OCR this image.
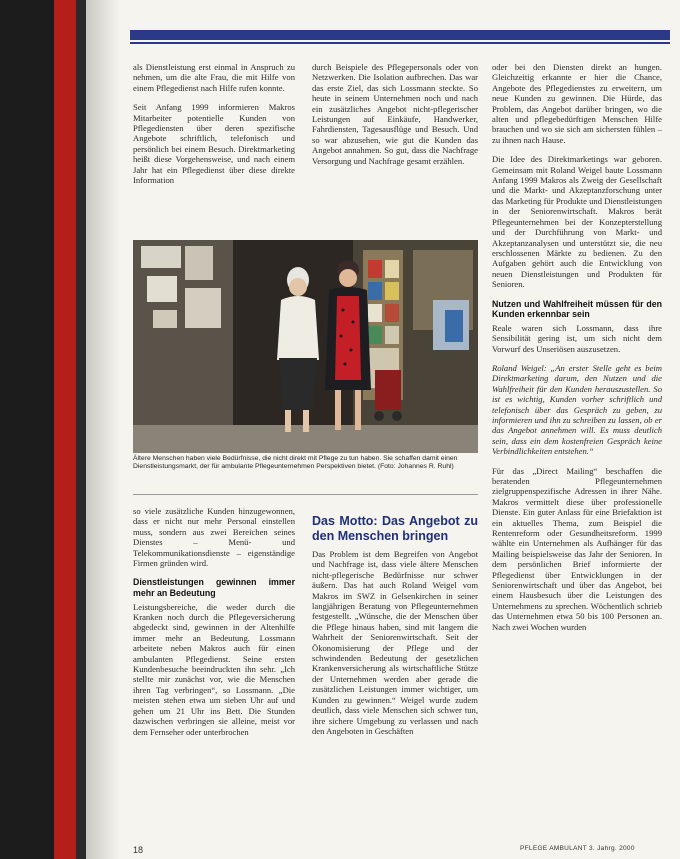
als Dienstleistung erst einmal in Anspruch zu nehmen, um die alte Frau, die mit Hilfe von einem Pflegedienst nach Hilfe rufen konnte.

Seit Anfang 1999 informieren Makros Mitarbeiter potentielle Kunden von Pflegediensten über deren spezifische Angebote schriftlich, telefonisch und persönlich bei einem Besuch. Direktmarketing heißt diese Vorgehensweise, und nach einem Jahr hat ein Pflegedienst über diese direkte Information

durch Beispiele des Pflegepersonals oder von Netzwerken. Die Isolation aufbrechen. Das war das erste Ziel, das sich Lossmann steckte. So heute in seinem Unternehmen noch und nach ein zusätzliches Angebot nicht-pflegerischer Leistungen auf Einkäufe, Handwerker, Fahrdiensten, Tagesausflüge und Besuch. Und so war abzusehen, wie gut die Kunden das Angebot annahmen. So gut, dass die Nachfrage Versorgung und Nachfrage gesamt erzählen.

oder bei den Diensten direkt an hungen. Gleichzeitig erkannte er hier die Chance, Angebote des Pflegedienstes zu erweitern, um neue Kunden zu gewinnen. Die Hürde, das Problem, das Angebot darüber bringen, wo die alten und pflegebedürftigen Menschen Hilfe brauchen und wo sie sich am sichersten fühlen – zu ihnen nach Hause.

Die Idee des Direktmarketings war geboren. Gemeinsam mit Roland Weigel baute Lossmann Anfang 1999 Makros als Zweig der Gesellschaft und die Markt- und Akzeptanzforschung unter das Marketing für Produkte und Dienstleistungen in der Seniorenwirtschaft. Makros berät Pflegeunternehmen bei der Konzepterstellung und der Durchführung von Markt- und Akzeptanzanalysen und unterstützt sie, die neu erschlossenen Märkte zu bedienen. Zu den Aufgaben gehört auch die Entwicklung von neuen Dienstleistungen und Produkten für Senioren.

Nutzen und Wahlfreiheit müssen für den Kunden erkennbar sein

Reale waren sich Lossmann, dass ihre Sensibilität gering ist, um sich nicht dem Vorwurf des Unseriösen auszusetzen.

Roland Weigel: „An erster Stelle geht es beim Direktmarketing darum, den Nutzen und die Wahlfreiheit für den Kunden herauszustellen. So ist es wichtig, Kunden vorher schriftlich und telefonisch über das Gespräch zu geben, zu informieren und ihn zu schreiben zu lassen, ob er das Angebot annehmen will. Es muss deutlich sein, dass ein dem kostenfreien Gespräch keine Verbindlichkeiten entstehen.“

Für das „Direct Mailing“ beschaffen die beratenden Pflegeunternehmen zielgruppenspezifische Adressen in ihrer Nähe. Makros vermittelt diese über professionelle Dienste. Ein guter Anlass für eine Briefaktion ist ein aktuelles Thema, zum Beispiel die Rentenreform oder Gesundheitsreform. 1999 wählte ein Unternehmen als Aufhänger für das Mailing beispielsweise das Jahr der Senioren. In dem persönlichen Brief informierte der Pflegedienst über Entwicklungen in der Seniorenwirtschaft und über das Angebot, bei einem Hausbesuch über die Leistungen des Unternehmens zu sprechen. Wöchentlich schrieb das Unternehmen etwa 50 bis 100 Personen an. Nach zwei Wochen wurden

Ältere Menschen haben viele Bedürfnisse, die nicht direkt mit Pflege zu tun haben. Sie schaffen damit einen Dienstleistungsmarkt, der für ambulante Pflegeunternehmen Perspektiven bietet. (Foto: Johannes R. Ruhl)

so viele zusätzliche Kunden hinzugewonnen, dass er nicht nur mehr Personal einstellen muss, sondern aus zwei Bereichen seines Dienstes – Menü- und Telekommunikationsdienste – eigenständige Firmen gründen wird.

Dienstleistungen gewinnen immer mehr an Bedeutung

Leistungsbereiche, die weder durch die Kranken noch durch die Pflegeversicherung abgedeckt sind, gewinnen in der Altenhilfe immer mehr an Bedeutung. Lossmann arbeitete neben Makros auch für einen ambulanten Pflegedienst. Seine ersten Kundenbesuche beeindruckten ihn sehr. „Ich stellte mir zunächst vor, wie die Menschen ihren Tag verbringen“, so Lossmann. „Die meisten stehen etwa um sieben Uhr auf und gehen um 21 Uhr ins Bett. Die Stunden dazwischen verbringen sie alleine, meist vor dem Fernseher oder unterbrochen

Das Motto: Das Angebot zu den Menschen bringen

Das Problem ist dem Begreifen von Angebot und Nachfrage ist, dass viele ältere Menschen nicht-pflegerische Bedürfnisse nur schwer äußern. Das hat auch Roland Weigel vom Makros im SWZ in Gelsenkirchen in seiner langjährigen Beratung von Pflegeunternehmen festgestellt. „Wünsche, die der Menschen über die Pflege hinaus haben, sind mit langem die Wahrheit der Seniorenwirtschaft. Seit der Ökonomisierung der Pflege und der schwindenden Bedeutung der gesetzlichen Krankenversicherung als wirtschaftliche Stütze der Unternehmen werden aber gerade die zusätzlichen Leistungen immer wichtiger, um Kunden zu gewinnen.“ Weigel wurde zudem deutlich, dass viele Menschen sich schwer tun, ihre sichere Umgebung zu verlassen und nach den Angeboten in Geschäften

18	PFLEGE AMBULANT 3. Jahrg. 2000
